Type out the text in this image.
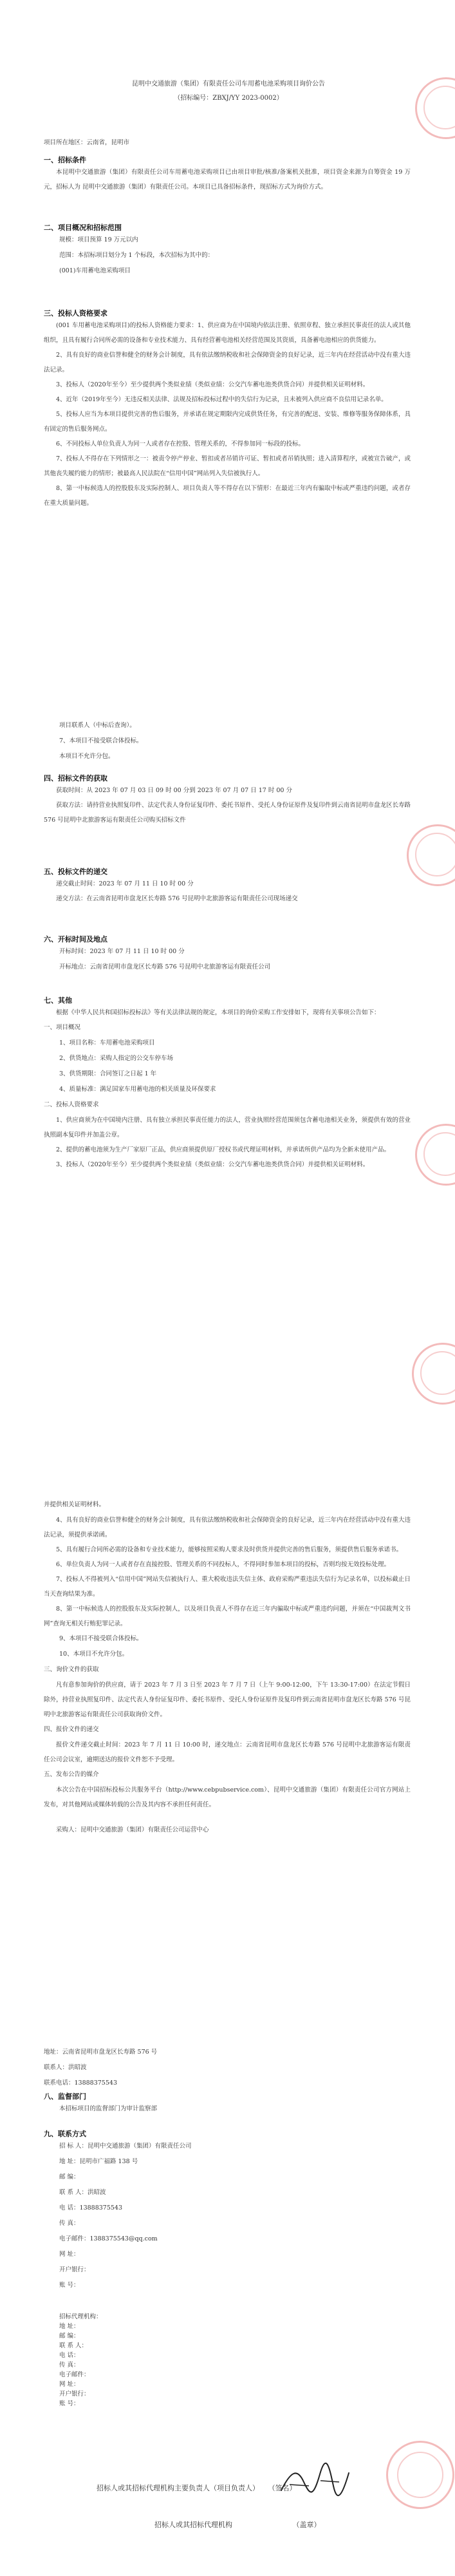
昆明中交通旅游（集团）有限责任公司车用蓄电池采购项目询价公告
（招标编号：ZBXJ/YY 2023-0002）
项目所在地区：云南省，昆明市
一、招标条件
本昆明中交通旅游（集团）有限责任公司车用蓄电池采购项目已由项目审批/核准/备案机关批准，项目资金来源为自筹资金 19 万元，招标人为 昆明中交通旅游（集团）有限责任公司。本项目已具备招标条件，现招标方式为询价方式。
二、项目概况和招标范围
规模：项目预算 19 万元以内
范围：本招标项目划分为 1 个标段，本次招标为其中的：
(001)车用蓄电池采购项目
三、投标人资格要求
(001 车用蓄电池采购项目)的投标人资格能力要求：1、供应商为在中国境内依法注册、依照章程、独立承担民事责任的法人或其他组织，且具有履行合同所必需的设备和专业技术能力、具有经营蓄电池相关经营范围及其资质，具备蓄电池相应的供货能力。
2、具有良好的商业信誉和健全的财务会计制度，具有依法缴纳税收和社会保障资金的良好记录，近三年内在经营活动中没有重大违法记录。
3、投标人（2020年至今）至少提供两个类似业绩（类似业绩：公交汽车蓄电池类供货合同）并提供相关证明材料。
4、近年（2019年至今）无违反相关法律、法规及招标投标过程中的失信行为记录，且未被列入供应商不良信用记录名单。
5、投标人应当为本项目提供完善的售后服务，并承诺在规定期限内完成供货任务，有完善的配送、安装、维修等服务保障体系，具有固定的售后服务网点。
6、不同投标人单位负责人为同一人或者存在控股、管理关系的，不得参加同一标段的投标。
7、投标人不得存在下列情形之一：被责令停产停业、暂扣或者吊销许可证、暂扣或者吊销执照；进入清算程序，或被宣告破产，或其他丧失履约能力的情形；被最高人民法院在“信用中国”网站列入失信被执行人。
8、第一中标候选人的控股股东及实际控制人、项目负责人等不得存在以下情形：在最近三年内有骗取中标或严重违约问题，或者存在重大质量问题。
项目联系人（中标后查询）。
7、本项目不接受联合体投标。
本项目不允许分包。
四、招标文件的获取
获取时间：从 2023 年 07 月 03 日 09 时 00 分到 2023 年 07 月 07 日 17 时 00 分
获取方法：请持营业执照复印件、法定代表人身份证复印件、委托书原件、受托人身份证原件及复印件到云南省昆明市盘龙区长寿路 576 号昆明中北旅游客运有限责任公司购买招标文件
五、投标文件的递交
递交截止时间：2023 年 07 月 11 日 10 时 00 分
递交方法：在云南省昆明市盘龙区长寿路 576 号昆明中北旅游客运有限责任公司现场递交
六、开标时间及地点
开标时间：2023 年 07 月 11 日 10 时 00 分
开标地点：云南省昆明市盘龙区长寿路 576 号昆明中北旅游客运有限责任公司
七、其他
根据《中华人民共和国招标投标法》等有关法律法规的规定，本项目的询价采购工作安排如下，现将有关事项公告如下：
一、项目概况
1、项目名称：车用蓄电池采购项目
2、供货地点：采购人指定的公交车停车场
3、供货期限：合同签订之日起 1 年
4、质量标准：满足国家车用蓄电池的相关质量及环保要求
二、投标人资格要求
1、供应商须为在中国境内注册、具有独立承担民事责任能力的法人，营业执照经营范围须包含蓄电池相关业务，须提供有效的营业执照副本复印件并加盖公章。
2、提供的蓄电池须为生产厂家原厂正品，供应商须提供原厂授权书或代理证明材料，并承诺所供产品均为全新未使用产品。
3、投标人（2020年至今）至少提供两个类似业绩（类似业绩：公交汽车蓄电池类供货合同）并提供相关证明材料。
并提供相关证明材料。
4、具有良好的商业信誉和健全的财务会计制度，具有依法缴纳税收和社会保障资金的良好记录，近三年内在经营活动中没有重大违法记录，须提供承诺函。
5、具有履行合同所必需的设备和专业技术能力，能够按照采购人要求及时供货并提供完善的售后服务，须提供售后服务承诺书。
6、单位负责人为同一人或者存在直接控股、管理关系的不同投标人，不得同时参加本项目的投标，否则均按无效投标处理。
7、投标人不得被列入“信用中国”网站失信被执行人、重大税收违法失信主体、政府采购严重违法失信行为记录名单，以投标截止日当天查询结果为准。
8、第一中标候选人的控股股东及实际控制人，以及项目负责人不得存在近三年内骗取中标或严重违约问题，并须在“中国裁判文书网”查询无相关行贿犯罪记录。
9、本项目不接受联合体投标。
10、本项目不允许分包。
三、询价文件的获取
凡有意参加询价的供应商，请于 2023 年 7 月 3 日至 2023 年 7 月 7 日（上午 9:00-12:00，下午 13:30-17:00）在法定节假日除外，持营业执照复印件、法定代表人身份证复印件、委托书原件、受托人身份证原件及复印件到云南省昆明市盘龙区长寿路 576 号昆明中北旅游客运有限责任公司获取询价文件。
四、报价文件的递交
报价文件递交截止时间：2023 年 7 月 11 日 10:00 时，递交地点：云南省昆明市盘龙区长寿路 576 号昆明中北旅游客运有限责任公司会议室，逾期送达的报价文件恕不予受理。
五、发布公告的媒介
本次公告在中国招标投标公共服务平台（http://www.cebpubservice.com）、昆明中交通旅游（集团）有限责任公司官方网站上发布，对其他网站或媒体转载的公告及其内容不承担任何责任。
采购人：昆明中交通旅游（集团）有限责任公司运营中心
地址：云南省昆明市盘龙区长寿路 576 号
联系人：洪昭波
联系电话：13888375543
八、监督部门
本招标项目的监督部门为审计监察部
九、联系方式
招 标 人：昆明中交通旅游（集团）有限责任公司
地 址：昆明市广福路 138 号
邮 编：
联 系 人：洪昭波
电 话：13888375543
传 真：
电子邮件：1388375543@qq.com
网 址：
开户银行：
账 号：
招标代理机构：
地 址：
邮 编：
联 系 人：
电 话：
传 真：
电子邮件：
网 址：
开户银行：
账 号：
招标人或其招标代理机构主要负责人（项目负责人） （签名）
招标人或其招标代理机构	（盖章）
